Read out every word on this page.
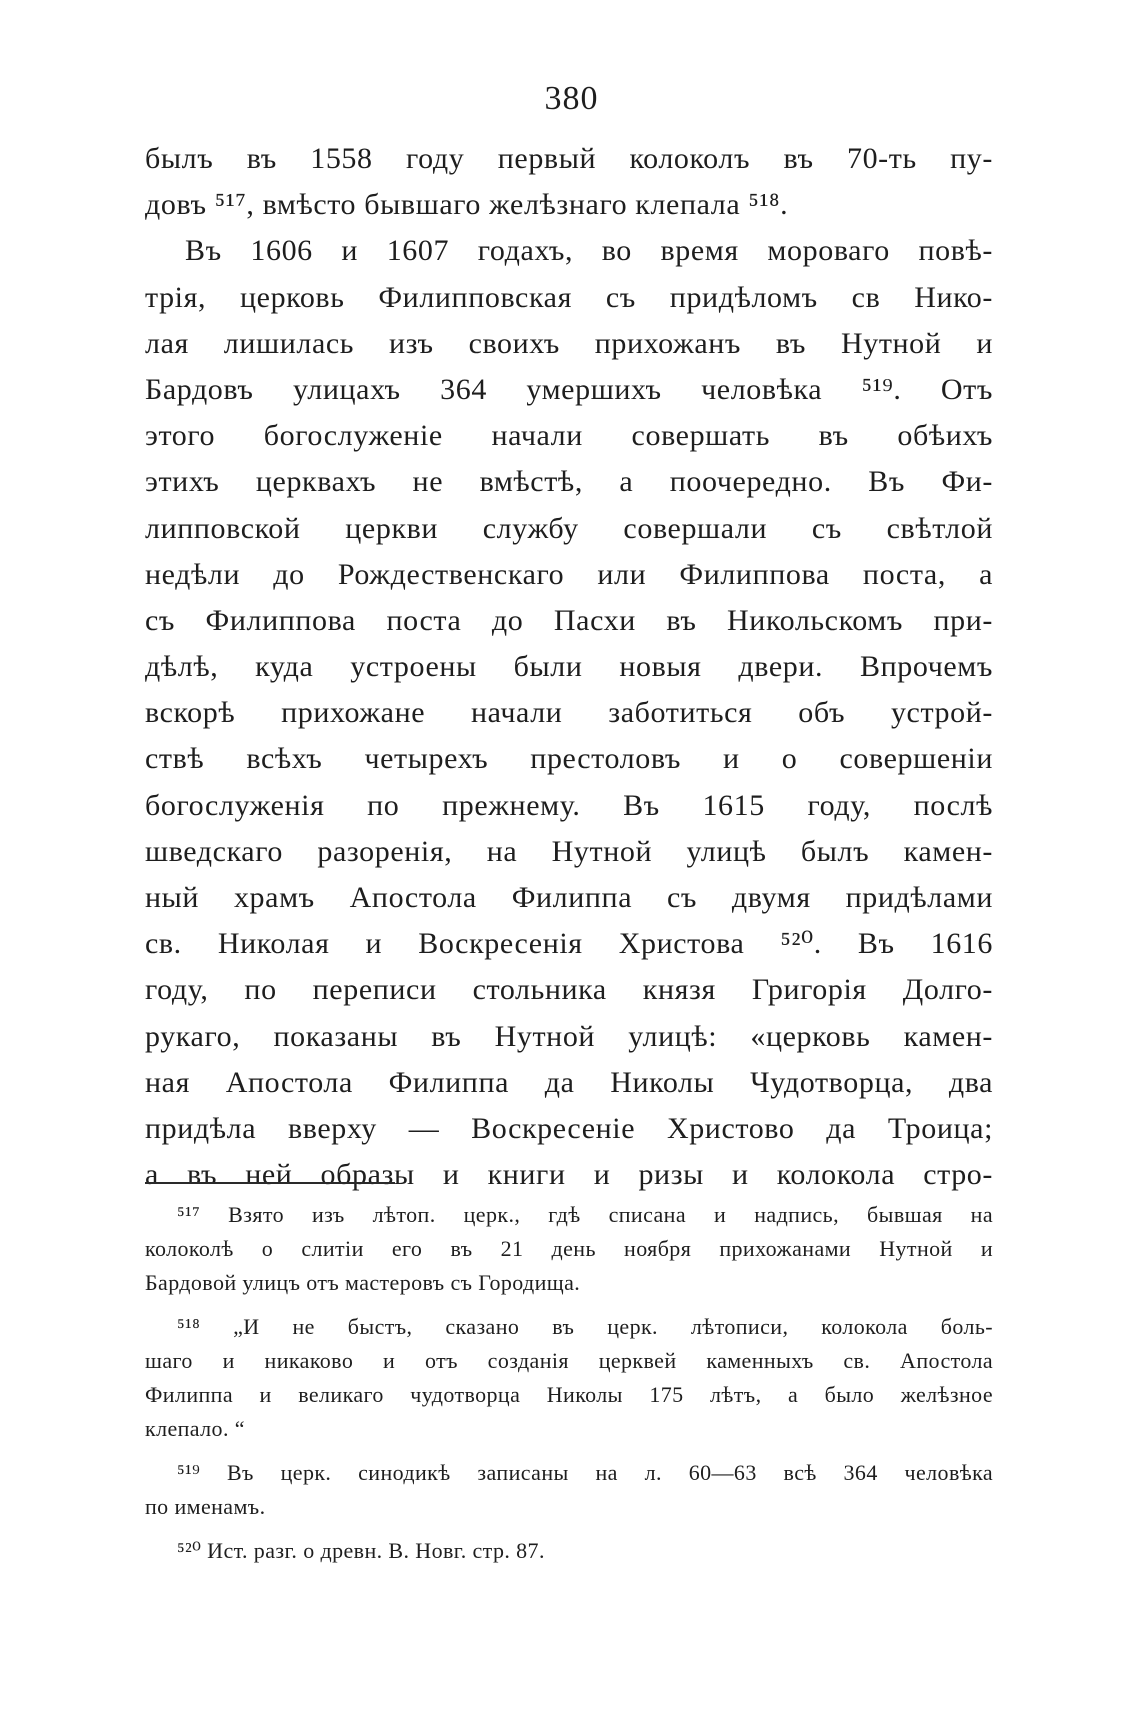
380
былъ въ 1558 году первый колоколъ въ 70-ть пу-
довъ ⁵¹⁷, вмѣсто бывшаго желѣзнаго клепала ⁵¹⁸.
Въ 1606 и 1607 годахъ, во время мороваго повѣ-
трія, церковь Филипповская съ придѣломъ св Нико-
лая лишилась изъ своихъ прихожанъ въ Нутной и
Бардовъ улицахъ 364 умершихъ человѣка ⁵¹⁹. Отъ
этого богослуженіе начали совершать въ обѣихъ
этихъ церквахъ не вмѣстѣ, а поочередно. Въ Фи-
липповской церкви службу совершали съ свѣтлой
недѣли до Рождественскаго или Филиппова поста, а
съ Филиппова поста до Пасхи въ Никольскомъ при-
дѣлѣ, куда устроены были новыя двери. Впрочемъ
вскорѣ прихожане начали заботиться объ устрой-
ствѣ всѣхъ четырехъ престоловъ и о совершеніи
богослуженія по прежнему. Въ 1615 году, послѣ
шведскаго разоренія, на Нутной улицѣ былъ камен-
ный храмъ Апостола Филиппа съ двумя придѣлами
св. Николая и Воскресенія Христова ⁵²⁰. Въ 1616
году, по переписи стольника князя Григорія Долго-
рукаго, показаны въ Нутной улицѣ: «церковь камен-
ная Апостола Филиппа да Николы Чудотворца, два
придѣла вверху — Воскресеніе Христово да Троица;
а въ ней образы и книги и ризы и колокола стро-
⁵¹⁷ Взято изъ лѣтоп. церк., гдѣ списана и надпись, бывшая на
колоколѣ о слитіи его въ 21 день ноября прихожанами Нутной и
Бардовой улицъ отъ мастеровъ съ Городища.
⁵¹⁸ „И не быстъ, сказано въ церк. лѣтописи, колокола боль-
шаго и никаково и отъ созданія церквей каменныхъ св. Апостола
Филиппа и великаго чудотворца Николы 175 лѣтъ, а было желѣзное
клепало. “
⁵¹⁹ Въ церк. синодикѣ записаны на л. 60—63 всѣ 364 человѣка
по именамъ.
⁵²⁰ Ист. разг. о древн. В. Новг. стр. 87.
